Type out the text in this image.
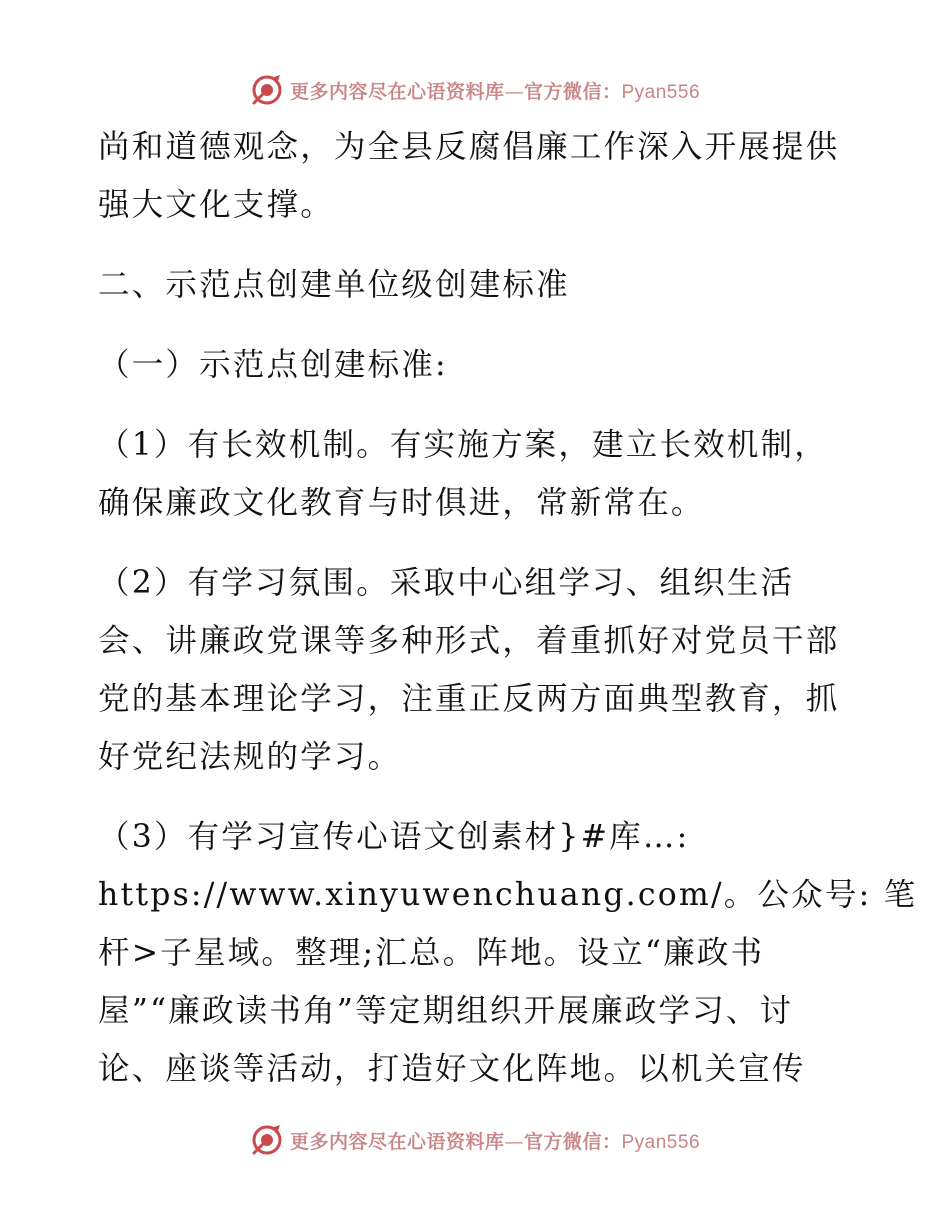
更多内容尽在心语资料库—官方微信：Pyan556
尚和道德观念，为全县反腐倡廉工作深入开展提供
强大文化支撑。
二、示范点创建单位级创建标准
（一）示范点创建标准:
（1）有长效机制。有实施方案，建立长效机制，
确保廉政文化教育与时俱进，常新常在。
（2）有学习氛围。采取中心组学习、组织生活
会、讲廉政党课等多种形式，着重抓好对党员干部
党的基本理论学习，注重正反两方面典型教育，抓
好党纪法规的学习。
（3）有学习宣传心语文创素材}#库…:
https://www.xinyuwenchuang.com/。公众号: 笔
杆>子星域。整理;汇总。阵地。设立“廉政书
屋”“廉政读书角”等定期组织开展廉政学习、讨
论、座谈等活动，打造好文化阵地。以机关宣传
更多内容尽在心语资料库—官方微信：Pyan556
